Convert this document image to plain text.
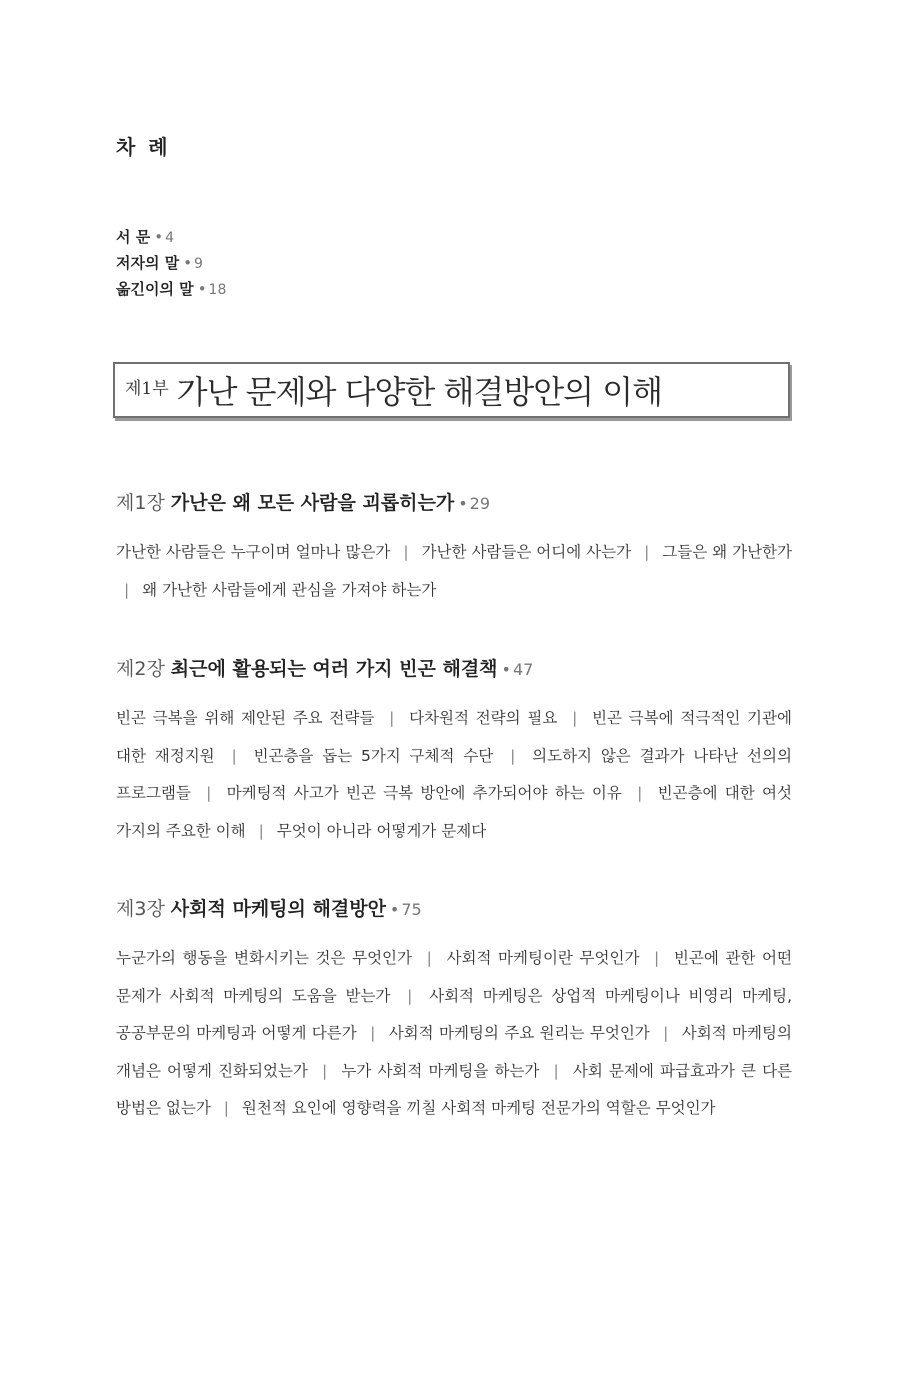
차 례
서 문 • 4
저자의 말 • 9
옮긴이의 말 • 18
제1부 가난 문제와 다양한 해결방안의 이해
제1장 가난은 왜 모든 사람을 괴롭히는가 • 29
가난한 사람들은 누구이며 얼마나 많은가 | 가난한 사람들은 어디에 사는가 | 그들은 왜 가난한가 | 왜 가난한 사람들에게 관심을 가져야 하는가
제2장 최근에 활용되는 여러 가지 빈곤 해결책 • 47
빈곤 극복을 위해 제안된 주요 전략들 | 다차원적 전략의 필요 | 빈곤 극복에 적극적인 기관에 대한 재정지원 | 빈곤층을 돕는 5가지 구체적 수단 | 의도하지 않은 결과가 나타난 선의의 프로그램들 | 마케팅적 사고가 빈곤 극복 방안에 추가되어야 하는 이유 | 빈곤층에 대한 여섯 가지의 주요한 이해 | 무엇이 아니라 어떻게가 문제다
제3장 사회적 마케팅의 해결방안 • 75
누군가의 행동을 변화시키는 것은 무엇인가 | 사회적 마케팅이란 무엇인가 | 빈곤에 관한 어떤 문제가 사회적 마케팅의 도움을 받는가 | 사회적 마케팅은 상업적 마케팅이나 비영리 마케팅, 공공부문의 마케팅과 어떻게 다른가 | 사회적 마케팅의 주요 원리는 무엇인가 | 사회적 마케팅의 개념은 어떻게 진화되었는가 | 누가 사회적 마케팅을 하는가 | 사회 문제에 파급효과가 큰 다른 방법은 없는가 | 원천적 요인에 영향력을 끼칠 사회적 마케팅 전문가의 역할은 무엇인가
